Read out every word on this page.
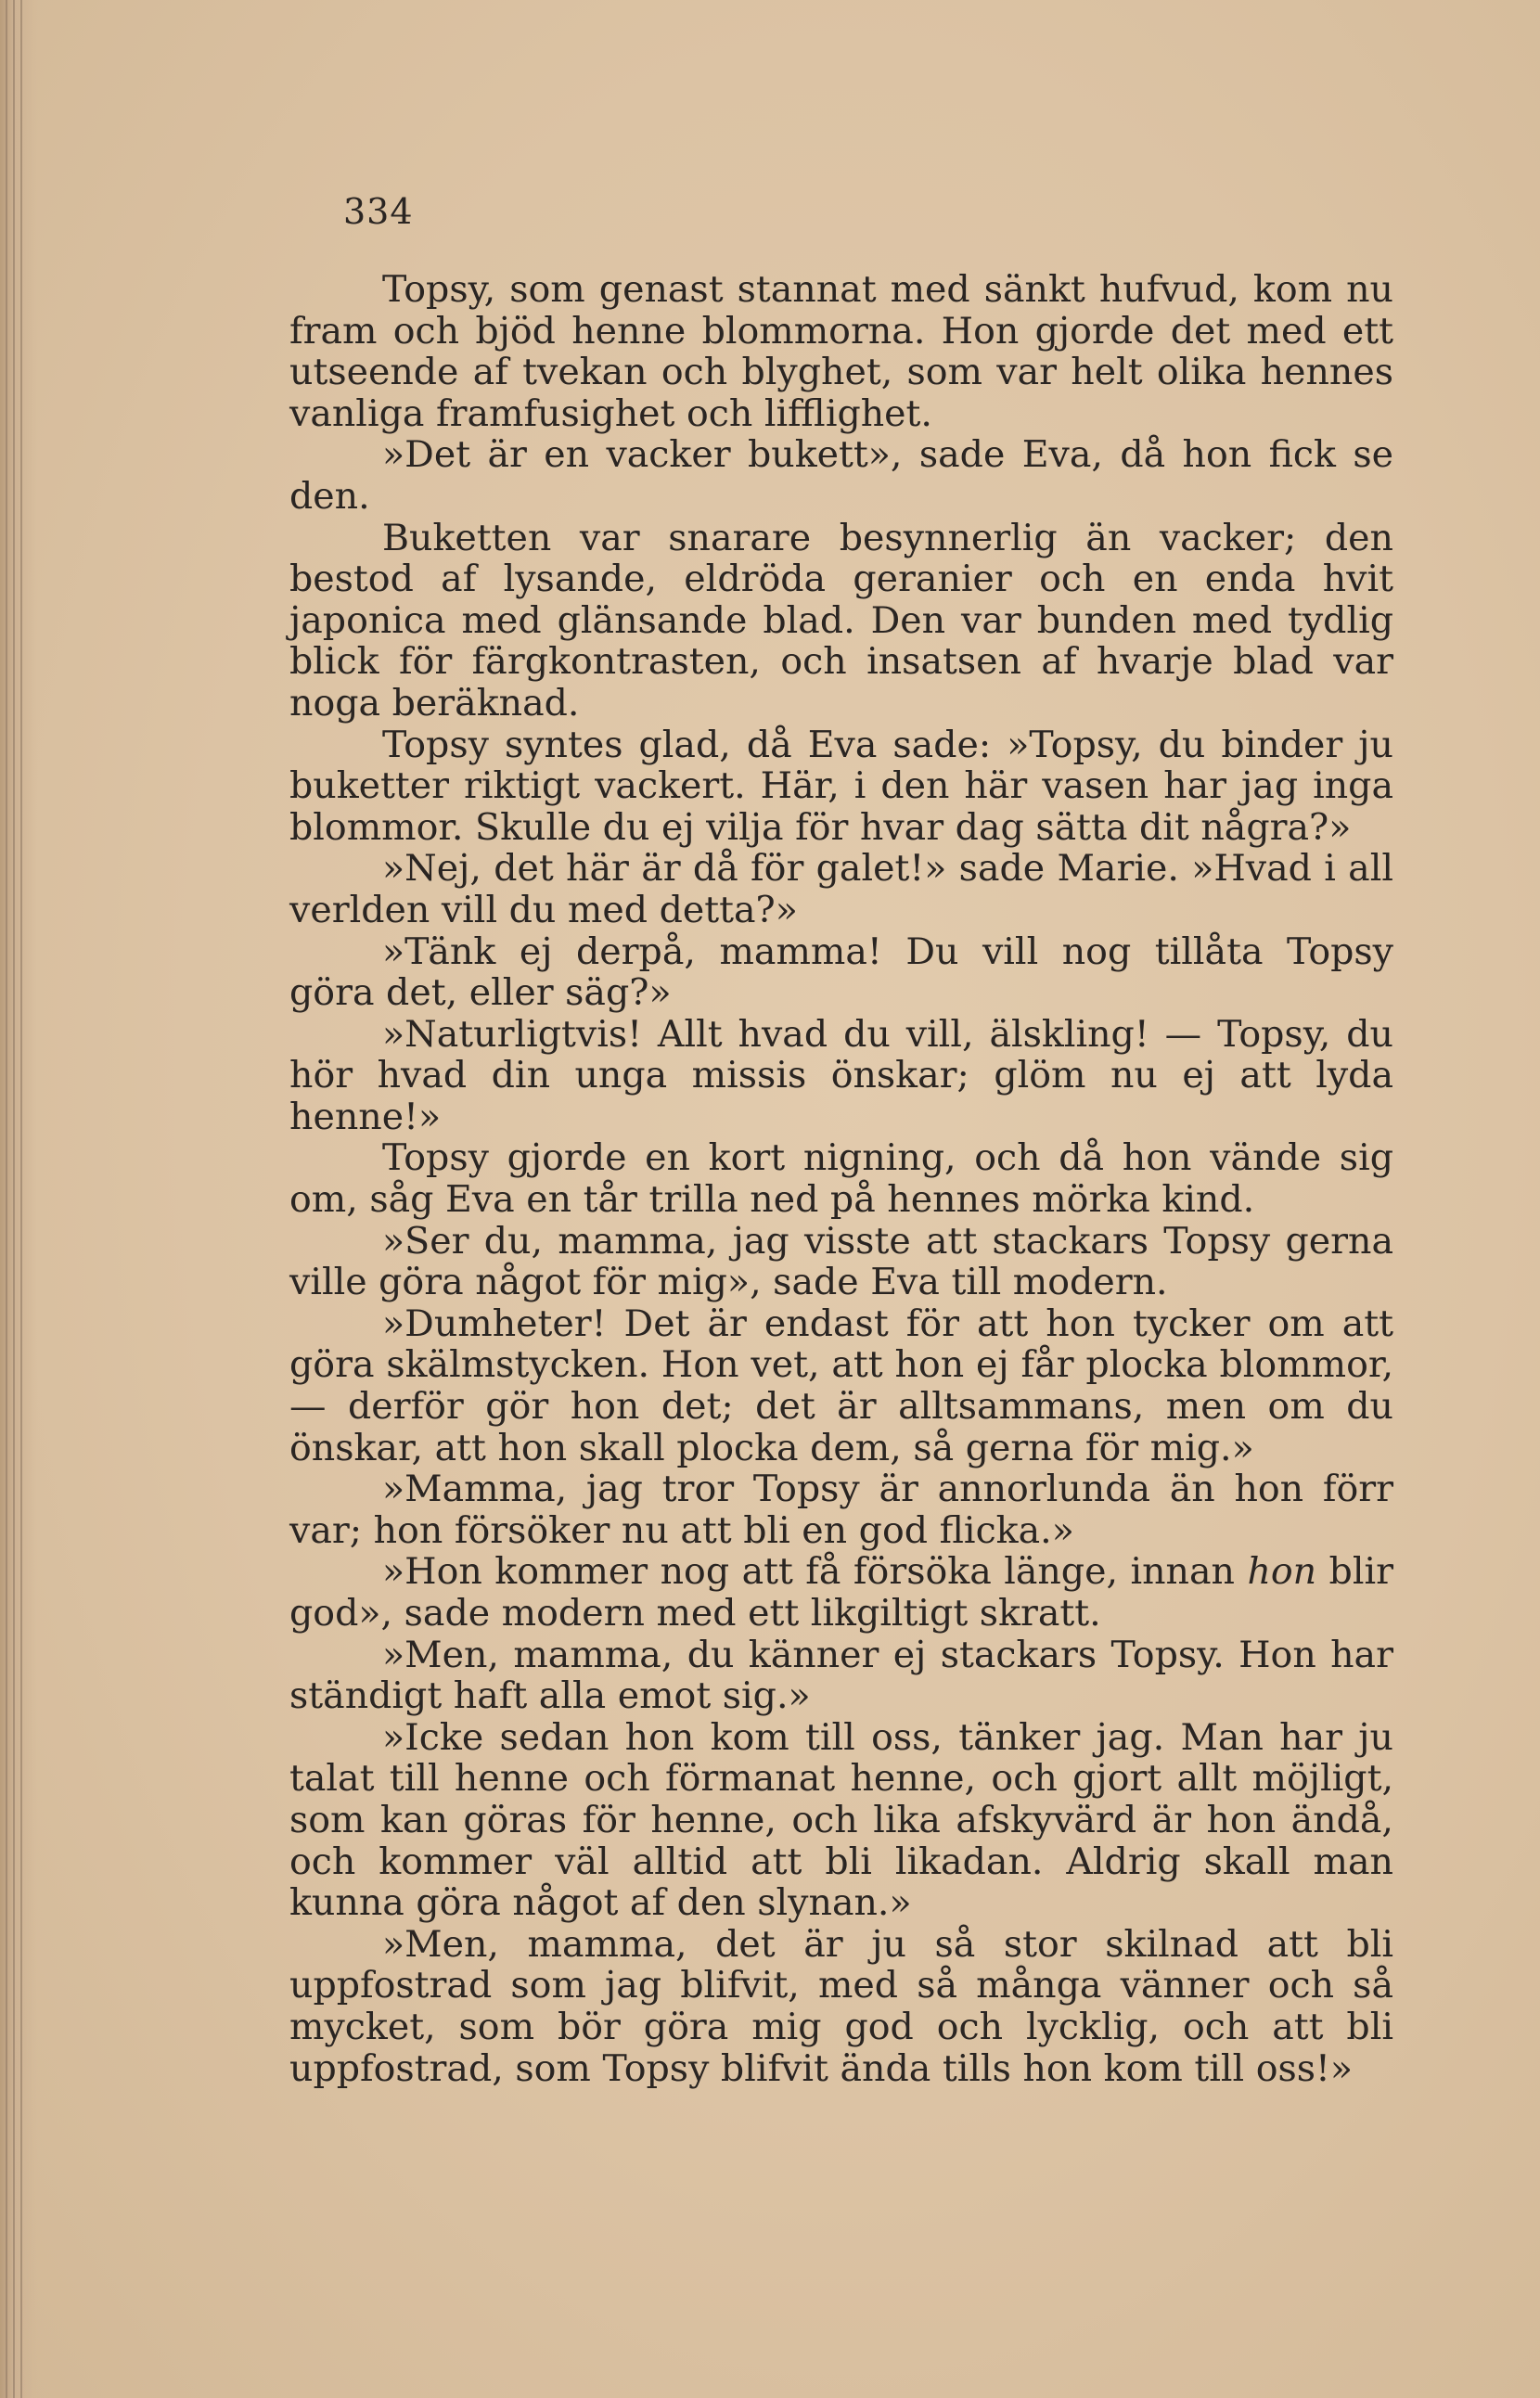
334

Topsy, som genast stannat med sänkt hufvud, kom nu fram och bjöd henne blommorna. Hon gjorde det med ett utseende af tvekan och blyghet, som var helt olika hennes vanliga framfusighet och lifflighet.

»Det är en vacker bukett», sade Eva, då hon fick se den.

Buketten var snarare besynnerlig än vacker; den bestod af lysande, eldröda geranier och en enda hvit japonica med glänsande blad. Den var bunden med tydlig blick för färgkontrasten, och insatsen af hvarje blad var noga beräknad.

Topsy syntes glad, då Eva sade: »Topsy, du binder ju buketter riktigt vackert. Här, i den här vasen har jag inga blommor. Skulle du ej vilja för hvar dag sätta dit några?»

»Nej, det här är då för galet!» sade Marie. »Hvad i all verlden vill du med detta?»

»Tänk ej derpå, mamma! Du vill nog tillåta Topsy göra det, eller säg?»

»Naturligtvis! Allt hvad du vill, älskling! — Topsy, du hör hvad din unga missis önskar; glöm nu ej att lyda henne!»

Topsy gjorde en kort nigning, och då hon vände sig om, såg Eva en tår trilla ned på hennes mörka kind.

»Ser du, mamma, jag visste att stackars Topsy gerna ville göra något för mig», sade Eva till modern.

»Dumheter! Det är endast för att hon tycker om att göra skälmstycken. Hon vet, att hon ej får plocka blommor, — derför gör hon det; det är alltsammans, men om du önskar, att hon skall plocka dem, så gerna för mig.»

»Mamma, jag tror Topsy är annorlunda än hon förr var; hon försöker nu att bli en god flicka.»

»Hon kommer nog att få försöka länge, innan hon blir god», sade modern med ett likgiltigt skratt.

»Men, mamma, du känner ej stackars Topsy. Hon har ständigt haft alla emot sig.»

»Icke sedan hon kom till oss, tänker jag. Man har ju talat till henne och förmanat henne, och gjort allt möjligt, som kan göras för henne, och lika afskyvärd är hon ändå, och kommer väl alltid att bli likadan. Aldrig skall man kunna göra något af den slynan.»

»Men, mamma, det är ju så stor skilnad att bli uppfostrad som jag blifvit, med så många vänner och så mycket, som bör göra mig god och lycklig, och att bli uppfostrad, som Topsy blifvit ända tills hon kom till oss!»
